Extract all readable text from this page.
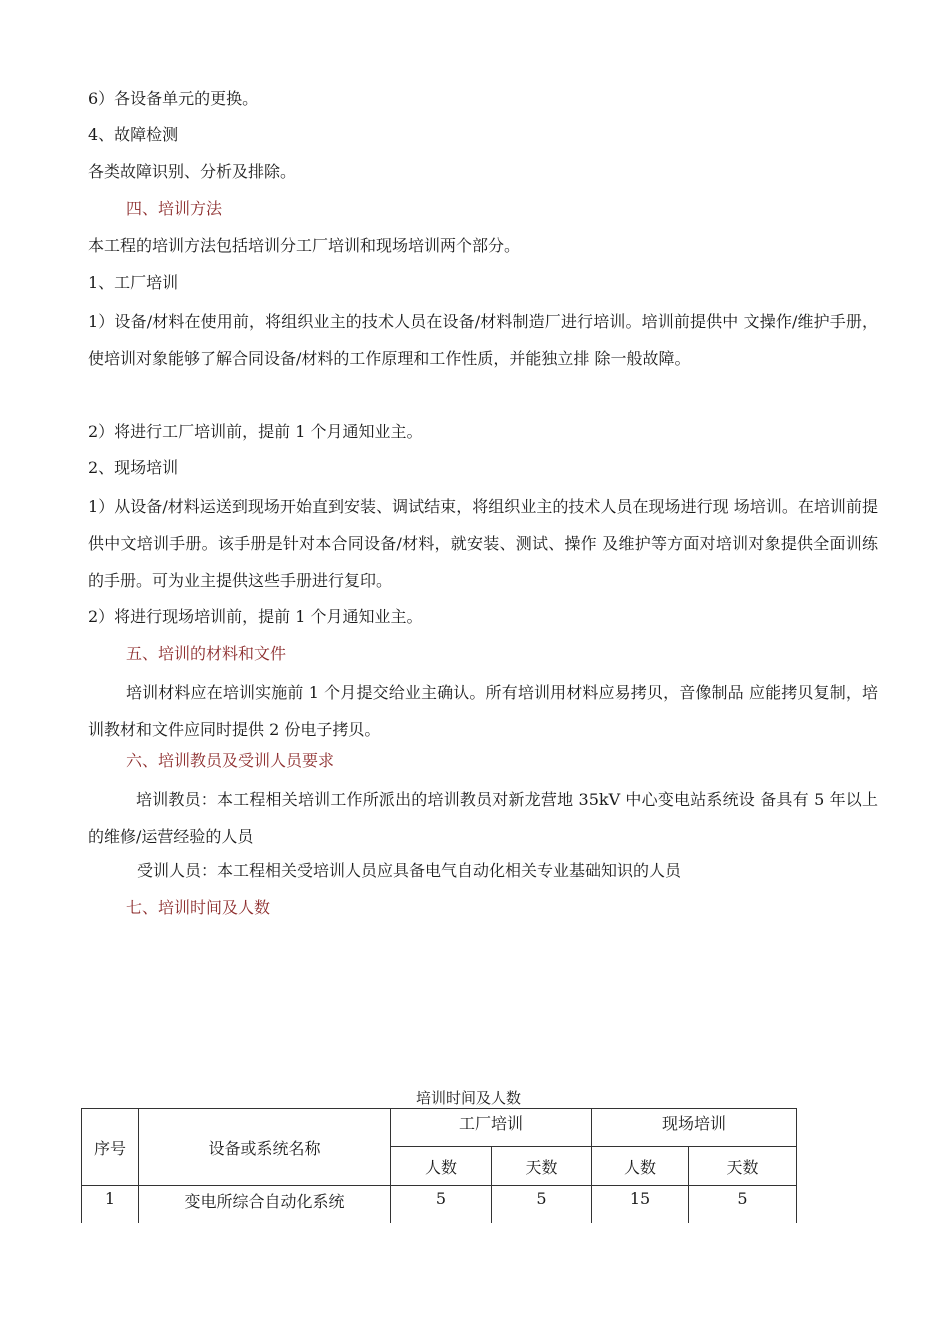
6）各设备单元的更换。
4、故障检测
各类故障识别、分析及排除。
四、培训方法
本工程的培训方法包括培训分工厂培训和现场培训两个部分。
1、工厂培训
1）设备/材料在使用前，将组织业主的技术人员在设备/材料制造厂进行培训。培训前提供中 文操作/维护手册，使培训对象能够了解合同设备/材料的工作原理和工作性质，并能独立排 除一般故障。
2）将进行工厂培训前，提前 1 个月通知业主。
2、现场培训
1）从设备/材料运送到现场开始直到安装、调试结束，将组织业主的技术人员在现场进行现 场培训。在培训前提供中文培训手册。该手册是针对本合同设备/材料，就安装、测试、操作 及维护等方面对培训对象提供全面训练的手册。可为业主提供这些手册进行复印。
2）将进行现场培训前，提前 1 个月通知业主。
五、培训的材料和文件
培训材料应在培训实施前 1 个月提交给业主确认。所有培训用材料应易拷贝，音像制品 应能拷贝复制，培训教材和文件应同时提供 2 份电子拷贝。
六、培训教员及受训人员要求
培训教员：本工程相关培训工作所派出的培训教员对新龙营地 35kV 中心变电站系统设 备具有 5 年以上的维修/运营经验的人员
受训人员：本工程相关受培训人员应具备电气自动化相关专业基础知识的人员
七、培训时间及人数
培训时间及人数
序号	设备或系统名称	工厂培训		现场培训	
		人数	天数	人数	天数
1	变电所综合自动化系统	5	5	15	5
